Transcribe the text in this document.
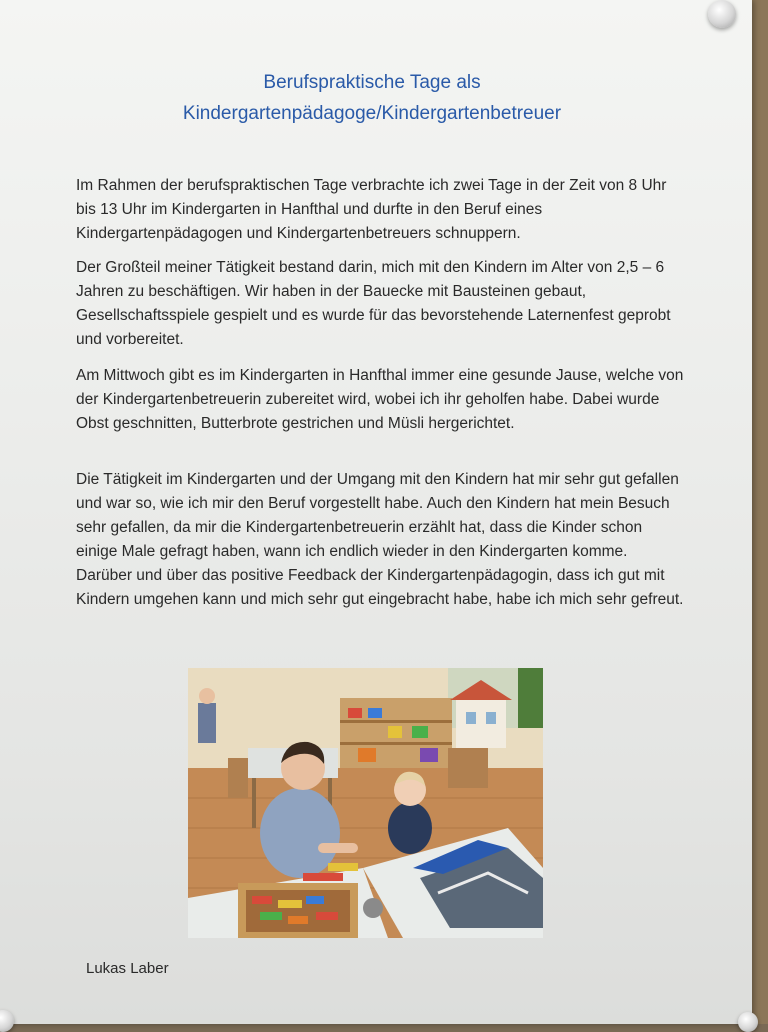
Berufspraktische Tage als
Kindergartenpädagoge/Kindergartenbetreuer
Im Rahmen der berufspraktischen Tage verbrachte ich zwei Tage in der Zeit von 8 Uhr bis 13 Uhr im Kindergarten in Hanfthal und durfte in den Beruf eines Kindergartenpädagogen und Kindergartenbetreuers schnuppern.
Der Großteil meiner Tätigkeit bestand darin, mich mit den Kindern im Alter von 2,5 – 6 Jahren zu beschäftigen. Wir haben in der Bauecke mit Bausteinen gebaut, Gesellschaftsspiele gespielt und es wurde für das bevorstehende Laternenfest geprobt und vorbereitet.
Am Mittwoch gibt es im Kindergarten in Hanfthal immer eine gesunde Jause, welche von der Kindergartenbetreuerin zubereitet wird, wobei ich ihr geholfen habe. Dabei wurde Obst geschnitten, Butterbrote gestrichen und Müsli hergerichtet.
Die Tätigkeit im Kindergarten und der Umgang mit den Kindern hat mir sehr gut gefallen und war so, wie ich mir den Beruf vorgestellt habe. Auch den Kindern hat mein Besuch sehr gefallen, da mir die Kindergartenbetreuerin erzählt hat, dass die Kinder schon einige Male gefragt haben, wann ich endlich wieder in den Kindergarten komme. Darüber und über das positive Feedback der Kindergartenpädagogin, dass ich gut mit Kindern umgehen kann und mich sehr gut eingebracht habe, habe ich mich sehr gefreut.
Lukas Laber
